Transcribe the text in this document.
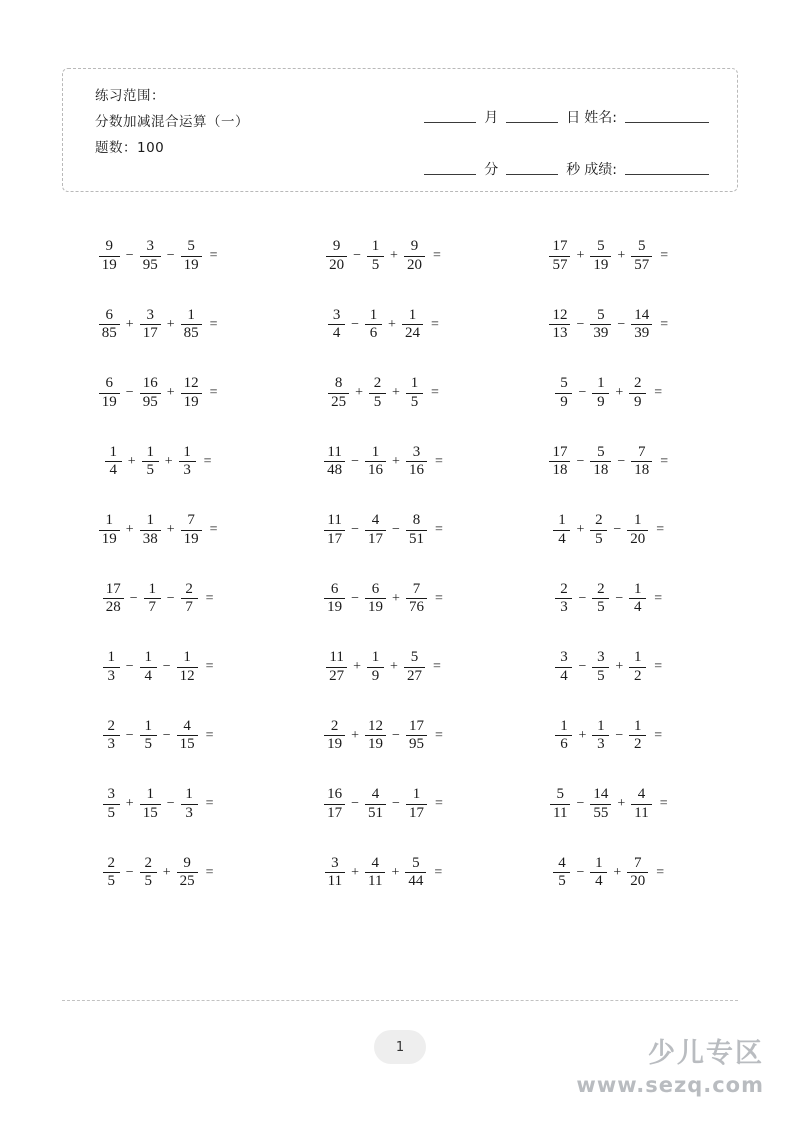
练习范围：
分数加减混合运算（一）
题数：100
月	日 姓名:
分	秒 成绩:
$\frac{9}{19} - \frac{3}{95} - \frac{5}{19}$ =	$\frac{9}{20} - \frac{1}{5} + \frac{9}{20}$ =	$\frac{17}{57} + \frac{5}{19} + \frac{5}{57}$ =
$\frac{6}{85} + \frac{3}{17} + \frac{1}{85}$ =	$\frac{3}{4} - \frac{1}{6} + \frac{1}{24}$ =	$\frac{12}{13} - \frac{5}{39} - \frac{14}{39}$ =
$\frac{6}{19} - \frac{16}{95} + \frac{12}{19}$ =	$\frac{8}{25} + \frac{2}{5} + \frac{1}{5}$ =	$\frac{5}{9} - \frac{1}{9} + \frac{2}{9}$ =
$\frac{1}{4} + \frac{1}{5} + \frac{1}{3}$ =	$\frac{11}{48} - \frac{1}{16} + \frac{3}{16}$ =	$\frac{17}{18} - \frac{5}{18} - \frac{7}{18}$ =
$\frac{1}{19} + \frac{1}{38} + \frac{7}{19}$ =	$\frac{11}{17} - \frac{4}{17} - \frac{8}{51}$ =	$\frac{1}{4} + \frac{2}{5} - \frac{1}{20}$ =
$\frac{17}{28} - \frac{1}{7} - \frac{2}{7}$ =	$\frac{6}{19} - \frac{6}{19} + \frac{7}{76}$ =	$\frac{2}{3} - \frac{2}{5} - \frac{1}{4}$ =
$\frac{1}{3} - \frac{1}{4} - \frac{1}{12}$ =	$\frac{11}{27} + \frac{1}{9} + \frac{5}{27}$ =	$\frac{3}{4} - \frac{3}{5} + \frac{1}{2}$ =
$\frac{2}{3} - \frac{1}{5} - \frac{4}{15}$ =	$\frac{2}{19} + \frac{12}{19} - \frac{17}{95}$ =	$\frac{1}{6} + \frac{1}{3} - \frac{1}{2}$ =
$\frac{3}{5} + \frac{1}{15} - \frac{1}{3}$ =	$\frac{16}{17} - \frac{4}{51} - \frac{1}{17}$ =	$\frac{5}{11} - \frac{14}{55} + \frac{4}{11}$ =
$\frac{2}{5} - \frac{2}{5} + \frac{9}{25}$ =	$\frac{3}{11} + \frac{4}{11} + \frac{5}{44}$ =	$\frac{4}{5} - \frac{1}{4} + \frac{7}{20}$ =
1	少儿专区
www.sezq.com
